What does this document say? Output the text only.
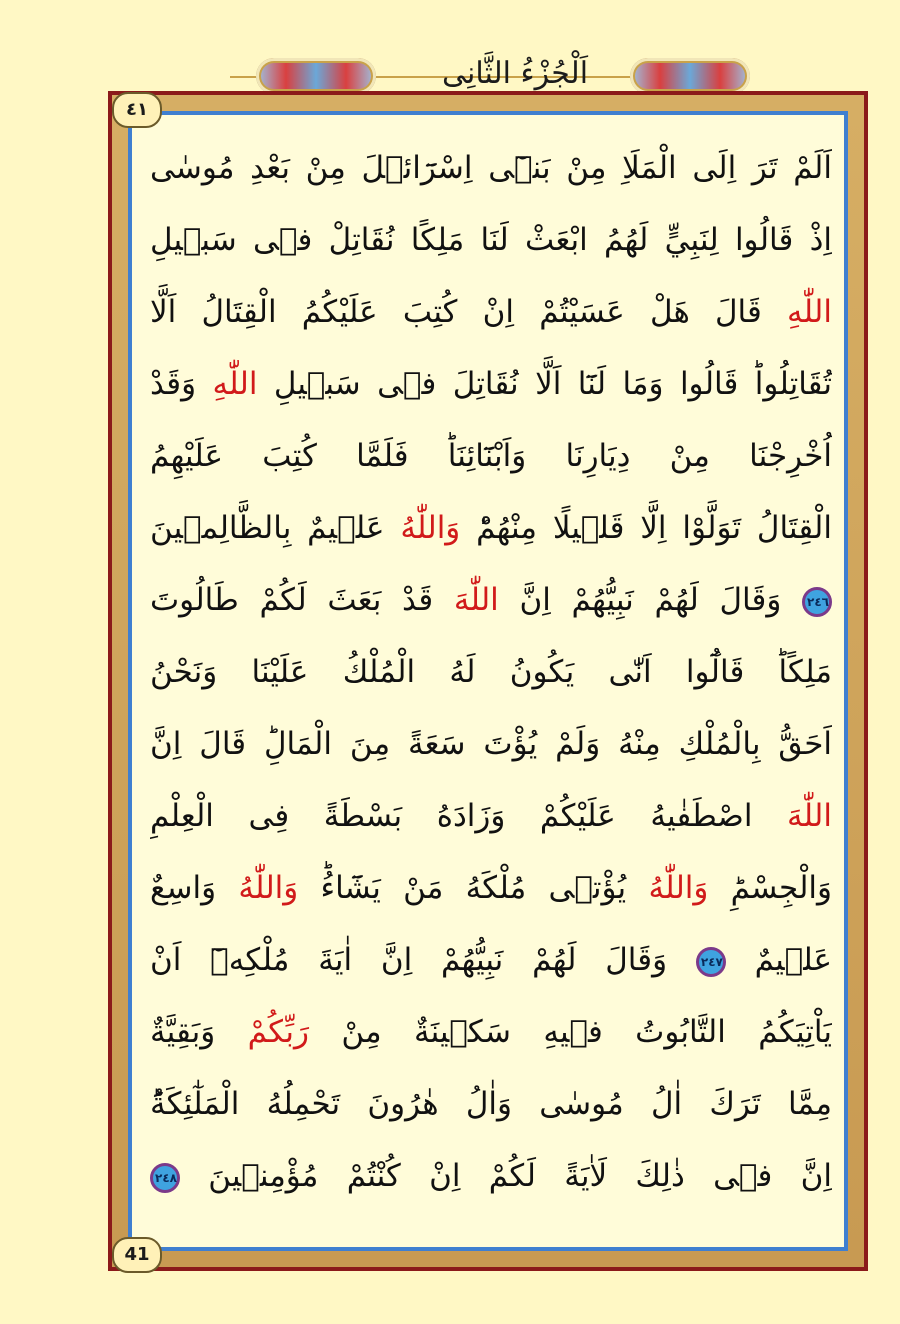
اَلْجُزْءُ الثَّانِى
٤١
41
اَلَمْ تَرَ اِلَى الْمَلَاِ مِنْ بَنٖٓى اِسْرَٓائٖلَ مِنْ بَعْدِ مُوسٰى
اِذْ قَالُوا لِنَبِيٍّ لَهُمُ ابْعَثْ لَنَا مَلِكًا نُقَاتِلْ فٖى سَبٖيلِ
اللّٰهِ قَالَ هَلْ عَسَيْتُمْ اِنْ كُتِبَ عَلَيْكُمُ الْقِتَالُ اَلَّا
تُقَاتِلُواؕ قَالُوا وَمَا لَنَٓا اَلَّا نُقَاتِلَ فٖى سَبٖيلِ اللّٰهِ وَقَدْ
اُخْرِجْنَا مِنْ دِيَارِنَا وَاَبْنَٓائِنَاؕ فَلَمَّا كُتِبَ عَلَيْهِمُ
الْقِتَالُ تَوَلَّوْا اِلَّا قَلٖيلًا مِنْهُمْؕ وَاللّٰهُ عَلٖيمٌ بِالظَّالِمٖينَ
٢٤٦ وَقَالَ لَهُمْ نَبِيُّهُمْ اِنَّ اللّٰهَ قَدْ بَعَثَ لَكُمْ طَالُوتَ
مَلِكًاؕ قَالُٓوا اَنّٰى يَكُونُ لَهُ الْمُلْكُ عَلَيْنَا وَنَحْنُ
اَحَقُّ بِالْمُلْكِ مِنْهُ وَلَمْ يُؤْتَ سَعَةً مِنَ الْمَالِؕ قَالَ اِنَّ
اللّٰهَ اصْطَفٰيهُ عَلَيْكُمْ وَزَادَهُ بَسْطَةً فِى الْعِلْمِ
وَالْجِسْمِؕ وَاللّٰهُ يُؤْتٖى مُلْكَهُ مَنْ يَشَٓاءُؕ وَاللّٰهُ وَاسِعٌ
عَلٖيمٌ ٢٤٧ وَقَالَ لَهُمْ نَبِيُّهُمْ اِنَّ اٰيَةَ مُلْكِهٖٓ اَنْ
يَاْتِيَكُمُ التَّابُوتُ فٖيهِ سَكٖينَةٌ مِنْ رَبِّكُمْ وَبَقِيَّةٌ
مِمَّا تَرَكَ اٰلُ مُوسٰى وَاٰلُ هٰرُونَ تَحْمِلُهُ الْمَلٰٓئِكَةُؕ
اِنَّ فٖى ذٰلِكَ لَاٰيَةً لَكُمْ اِنْ كُنْتُمْ مُؤْمِنٖينَ ٢٤٨
